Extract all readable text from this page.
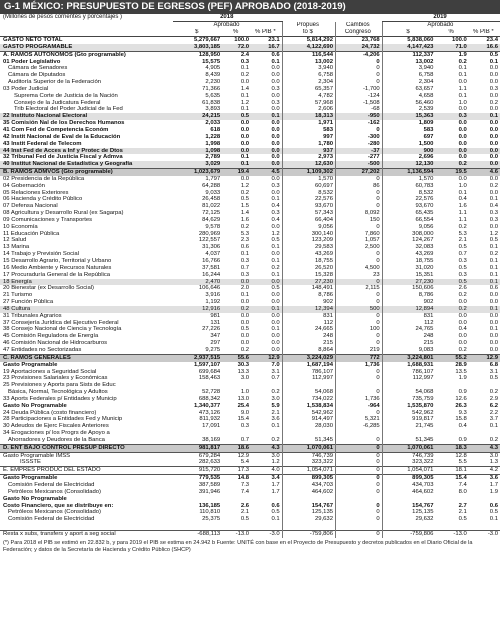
G-1 MÉXICO: PRESUPUESTO DE EGRESOS (PEF) APROBADO (2018-2019)
(Millones de pesos corrientes y porcentajes )	2018					2019		
	Aprobado			Propues	Cambios	Aprobado		
	$	%	% PIB *	to $	Congreso	$	%	% PIB *
GASTO NETO TOTAL	5,279,667	100.0	23.1	5,814,292	23,768	5,838,060	100.0	23.4
GASTO PROGRAMABLE	3,803,185	72.0	16.7	4,122,690	24,732	4,147,423	71.0	16.6
A. RAMOS AUTÓNOMOS (Gto programable)	128,950	2.4	0.6	116,544	-4,206	112,337	1.9	0.5
01 Poder Legislativo	15,575	0.3	0.1	13,002	0	13,002	0.2	0.1
Cámara de Senadores	4,905	0.1	0.0	3,940	0	3,940	0.1	0.0
Cámara de Diputados	8,439	0.2	0.0	6,758	0	6,758	0.1	0.0
Auditoría Superior de la Federación	2,230	0.0	0.0	2,304	0	2,304	0.0	0.0
03 Poder Judicial	71,366	1.4	0.3	65,357	-1,700	63,657	1.1	0.3
Suprema Corte de Justicia de la Nación	5,635	0.1	0.0	4,782	-124	4,658	0.1	0.0
Consejo de la Judicatura Federal	61,838	1.2	0.3	57,968	-1,508	56,460	1.0	0.2
Trib Electoral del Poder Judicial de la Fed	3,893	0.1	0.0	2,606	-68	2,539	0.0	0.0
22 Instituto Nacional Electoral	24,215	0.5	0.1	18,313	-950	15,363	0.3	0.1
35 Comisión Nal de los Derechos Humanos	2,033	0.0	0.0	1,971	-162	1,809	0.0	0.0
41 Com Fed de Competencia Económ	618	0.0	0.0	583	0	583	0.0	0.0
42 Instit Nacional de Eval de la Educación	1,228	0.0	0.0	997	-300	697	0.0	0.0
43 Instit Federal de Telecom	1,998	0.0	0.0	1,780	-280	1,500	0.0	0.0
44 Inst Fed de Acces a Inf y Protec de Dtos	1,098	0.0	0.0	937	-37	900	0.0	0.0
32 Tribunal Fed de Justicia Fiscal y Admva	2,789	0.1	0.0	2,973	-277	2,696	0.0	0.0
40 Institut Nacional de Estadística y Geografía	3,029	0.1	0.0	12,630	-500	12,130	0.2	0.0
B. RAMOS ADMVOS (Gto programable)	1,023,679	19.4	4.5	1,109,302	27,202	1,136,594	19.5	4.6
02 Presidencia de la República	1,797	0.0	0.0	1,570	0	1,570	0.0	0.0
04 Gobernación	64,288	1.2	0.3	60,697	86	60,783	1.0	0.2
05 Relaciones Exteriores	9,033	0.2	0.0	8,532	0	8,532	0.1	0.0
06 Hacienda y Crédito Público	26,458	0.5	0.1	22,576	0	22,576	0.4	0.1
07 Defensa Nacional	81,022	1.5	0.4	93,670	0	93,670	1.6	0.4
08 Agricultura y Desarrollo Rural (ex Sagarpa)	72,125	1.4	0.3	57,343	8,092	65,435	1.1	0.3
09 Comunicaciones y Transportes	84,629	1.6	0.4	66,404	150	66,554	1.1	0.3
10 Economía	9,578	0.2	0.0	9,056	0	9,056	0.2	0.0
11 Educación Pública	280,969	5.3	1.2	300,140	7,860	308,000	5.3	1.2
12 Salud	122,557	2.3	0.5	123,209	1,057	124,267	2.1	0.5
13 Marina	31,306	0.6	0.1	29,583	2,500	32,083	0.5	0.1
14 Trabajo y Previsión Social	4,037	0.1	0.0	43,269	0	43,269	0.7	0.2
15 Desarrollo Agrario, Territorial y Urbano	16,766	0.3	0.1	18,755	0	18,755	0.3	0.1
16 Medio Ambiente y Recursos Naturales	37,581	0.7	0.2	26,520	4,500	31,020	0.5	0.1
17 Procuraduría General de la República	16,244	0.3	0.1	15,328	23	15,351	0.3	0.1
18 Energía	2,470	0.0	0.0	27,230	0	27,230	0.5	0.1
20 Bienestar (ex Desarrollo Social)	106,646	2.0	0.5	148,491	2,115	150,606	2.6	0.6
21 Turismo	3,916	0.1	0.0	8,786	0	8,786	0.2	0.0
27 Función Pública	1,192	0.0	0.0	902	0	902	0.0	0.0
48 Cultura	12,916	0.2	0.1	12,394	500	12,894	0.2	0.1
31 Tribunales Agrarios	981	0.0	0.0	831	0	831	0.0	0.0
37 Consejería Jurídica del Ejecutivo Federal	131	0.0	0.0	112	0	112	0.0	0.0
38 Consejo Nacional de Ciencia y Tecnología	27,226	0.5	0.1	24,665	100	24,765	0.4	0.1
45 Comisión Reguladora de Energía	347	0.0	0.0	248	0	248	0.0	0.0
46 Comisión Nacional de Hidrocarburos	297	0.0	0.0	215	0	215	0.0	0.0
47 Entidades no Sectorizadas	9,275	0.2	0.0	8,864	219	9,083	0.2	0.0
C. RAMOS GENERALES	2,937,515	55.6	12.9	3,224,029	772	3,224,801	55.2	12.9
Gasto Programable	1,597,107	30.3	7.0	1,687,194	1,736	1,688,931	28.9	6.8
19 Aportaciones a Seguridad Social	699,684	13.3	3.1	786,107	0	786,107	13.5	3.1
23 Provisiones Salariales y Económicas	158,463	3.0	0.7	112,997	0	112,997	1.9	0.5
25 Previsiones y Aports para Sists de Educ								
Básica, Normal, Tecnológica y Adultos	52,728	1.0	0.2	54,068	0	54,068	0.9	0.2
33 Aports Federales p/ Entidades y Municip	688,342	13.0	3.0	734,022	1,736	735,759	12.6	2.9
Gasto No Programable	1,340,377	25.4	5.9	1,538,834	-964	1,535,870	26.3	6.2
24 Deuda Pública (costo financiero)	473,126	9.0	2.1	542,962	0	542,962	9.3	2.2
28 Participaciones a Entidades Fed y Municip	811,932	15.4	3.6	914,497	5,321	919,817	15.8	3.7
30 Adeudos de Ejerc Fiscales Anteriores	17,091	0.3	0.1	28,030	-6,285	21,745	0.4	0.1
34 Erogaciones p/ los Progrs de Apoyo a								
Ahorradores y Deudores de la Banca	38,169	0.7	0.2	51,345	0	51,345	0.9	0.2
D. ENT BAJO CONTROL PRESUP DIRECTO	981,817	18.6	4.3	1,070,061	0	1,070,061	18.3	4.3
Gasto Programable IMSS	679,284	12.9	3.0	746,739	0	746,739	12.8	3.0
ISSSTE	282,633	5.4	1.2	323,322	0	323,322	5.5	1.3
E. EMPRES PRODUC DEL ESTADO	915,720	17.3	4.0	1,054,071	0	1,054,071	18.1	4.2
Gasto Programable	779,535	14.8	3.4	899,305	0	899,305	15.4	3.6
Comisión Federal de Electricidad	387,589	7.3	1.7	434,703	0	434,703	7.4	1.7
Petróleos Mexicanos (Consolidado)	391,946	7.4	1.7	464,602	0	464,602	8.0	1.9
Gasto No Programable								
Costo Financiero, que se distribuye en:	136,185	2.6	0.6	154,767	0	154,767	2.7	0.6
Petróleos Mexicanos (Consolidado)	110,810	2.1	0.5	125,135	0	125,135	2.1	0.5
Comisión Federal de Electricidad	25,375	0.5	0.1	29,632	0	29,632	0.5	0.1

Resta x subs, transfers y aport a seg social	-688,113	-13.0	-3.0	-759,806	0	-759,806	-13.0	-3.0
(*) Para 2018 el PIB se estimó en 22.832 b, y para 2019 el PIB se estima en 24.942 b Fuente: UNITÉ con base en el Proyecto de Presupuesto y decretos publicados en el Diario Oficial de la Federación; y datos de la Secretaría de Hacienda y Crédito Público (SHCP)
